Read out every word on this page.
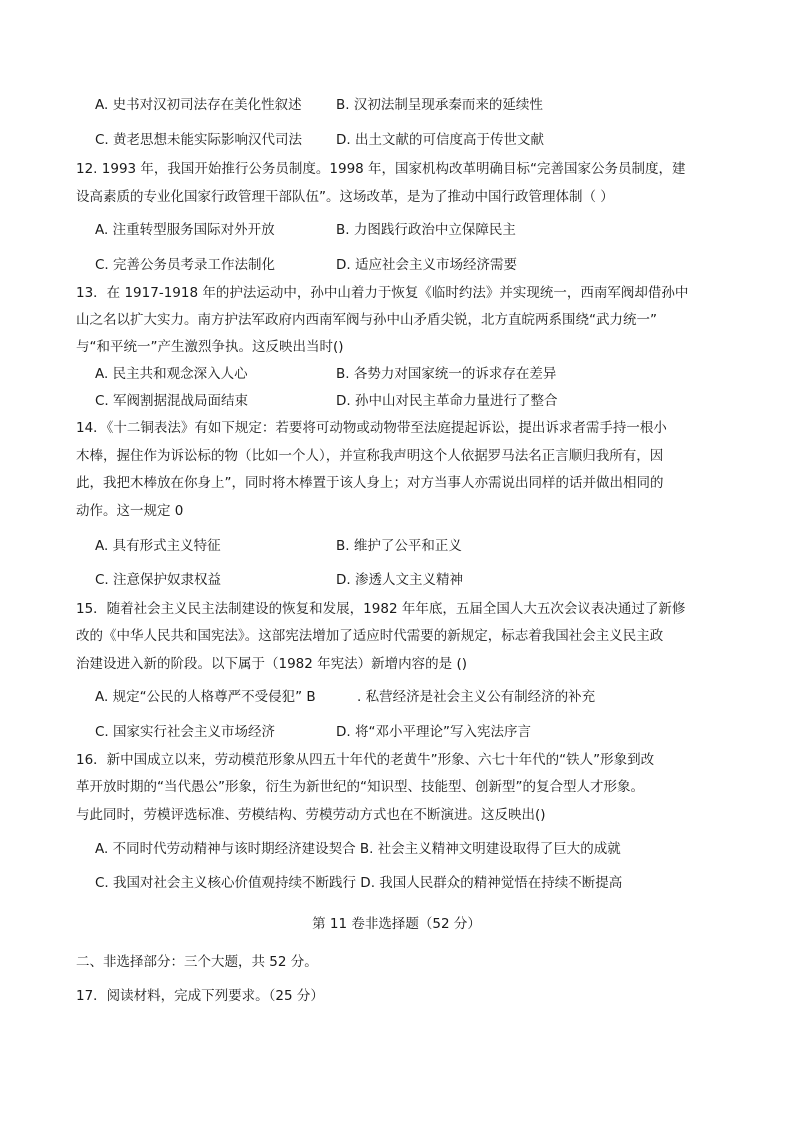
A. 史书对汉初司法存在美化性叙述	B. 汉初法制呈现承秦而来的延续性
C. 黄老思想未能实际影响汉代司法	D. 出土文献的可信度高于传世文献
12. 1993 年，我国开始推行公务员制度。1998 年，国家机构改革明确目标“完善国家公务员制度，建
设高素质的专业化国家行政管理干部队伍”。这场改革，是为了推动中国行政管理体制（ ）
A. 注重转型服务国际对外开放	B. 力图践行政治中立保障民主
C. 完善公务员考录工作法制化	D. 适应社会主义市场经济需要
13．在 1917-1918 年的护法运动中，孙中山着力于恢复《临时约法》并实现统一，西南军阀却借孙中
山之名以扩大实力。南方护法军政府内西南军阀与孙中山矛盾尖锐，北方直皖两系围绕“武力统一”
与“和平统一”产生激烈争执。这反映出当时()
A. 民主共和观念深入人心	B. 各势力对国家统一的诉求存在差异
C. 军阀割据混战局面结束	D. 孙中山对民主革命力量进行了整合
14．《十二铜表法》有如下规定：若要将可动物或动物带至法庭提起诉讼，提出诉求者需手持一根小
木棒，握住作为诉讼标的物（比如一个人），并宣称我声明这个人依据罗马法名正言顺归我所有，因
此，我把木棒放在你身上”，同时将木棒置于该人身上；对方当事人亦需说出同样的话并做出相同的
动作。这一规定 0
A. 具有形式主义特征	B. 维护了公平和正义
C. 注意保护奴隶权益	D. 渗透人文主义精神
15．随着社会主义民主法制建设的恢复和发展，1982 年年底，五届全国人大五次会议表决通过了新修
改的《中华人民共和国宪法》。这部宪法增加了适应时代需要的新规定，标志着我国社会主义民主政
治建设进入新的阶段。以下属于（1982 年宪法）新增内容的是 ()
A. 规定“公民的人格尊严不受侵犯” B	. 私营经济是社会主义公有制经济的补充
C. 国家实行社会主义市场经济	D. 将“邓小平理论”写入宪法序言
16．新中国成立以来，劳动模范形象从四五十年代的老黄牛”形象、六七十年代的“铁人”形象到改
革开放时期的“当代愚公”形象，衍生为新世纪的“知识型、技能型、创新型”的复合型人才形象。
与此同时，劳模评选标准、劳模结构、劳模劳动方式也在不断演进。这反映出()
A. 不同时代劳动精神与该时期经济建设契合 B. 社会主义精神文明建设取得了巨大的成就
C. 我国对社会主义核心价值观持续不断践行 D. 我国人民群众的精神觉悟在持续不断提高
第 11 卷非选择题（52 分）
二、非选择部分：三个大题，共 52 分。
17．阅读材料，完成下列要求。（25 分）
